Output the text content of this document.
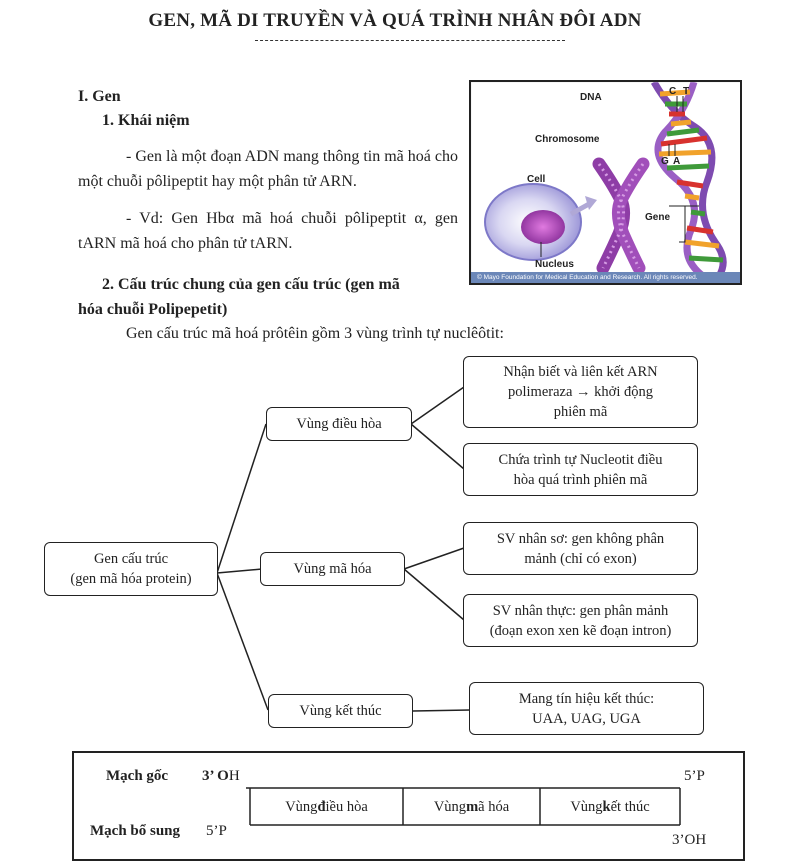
GEN, MÃ DI TRUYỀN VÀ QUÁ TRÌNH NHÂN ĐÔI ADN
I. Gen
1. Khái niệm
- Gen là một đoạn ADN mang thông tin mã hoá cho một chuỗi pôlipeptit hay một phân tử ARN.
- Vd: Gen Hbα mã hoá chuỗi pôlipeptit α, gen tARN mã hoá cho phân tử tARN.
2. Cấu trúc chung của gen cấu trúc (gen mã
hóa chuỗi Polipepetit)
Gen cấu trúc mã hoá prôtêin gồm 3 vùng trình tự nuclêôtit:
DNA
C T
G A
Chromosome
Cell
Gene
Nucleus
© Mayo Foundation for Medical Education and Research. All rights reserved.
Gen cấu trúc
(gen mã hóa protein)
Vùng điều hòa
Vùng mã hóa
Vùng kết thúc
Nhận biết và liên kết ARN
polimeraza → khởi động
phiên mã
Chứa trình tự Nucleotit điều
hòa quá trình phiên mã
SV nhân sơ: gen không phân
mảnh (chỉ có exon)
SV nhân thực: gen phân mảnh
(đoạn exon xen kẽ đoạn intron)
Mang tín hiệu kết thúc:
UAA, UAG, UGA
Mạch gốc 3’ OH	5’P
Mạch bổ sung 5’P
3’OH
Vùng đ iều hòa	Vùng m ã hóa	Vùng k ết thúc
